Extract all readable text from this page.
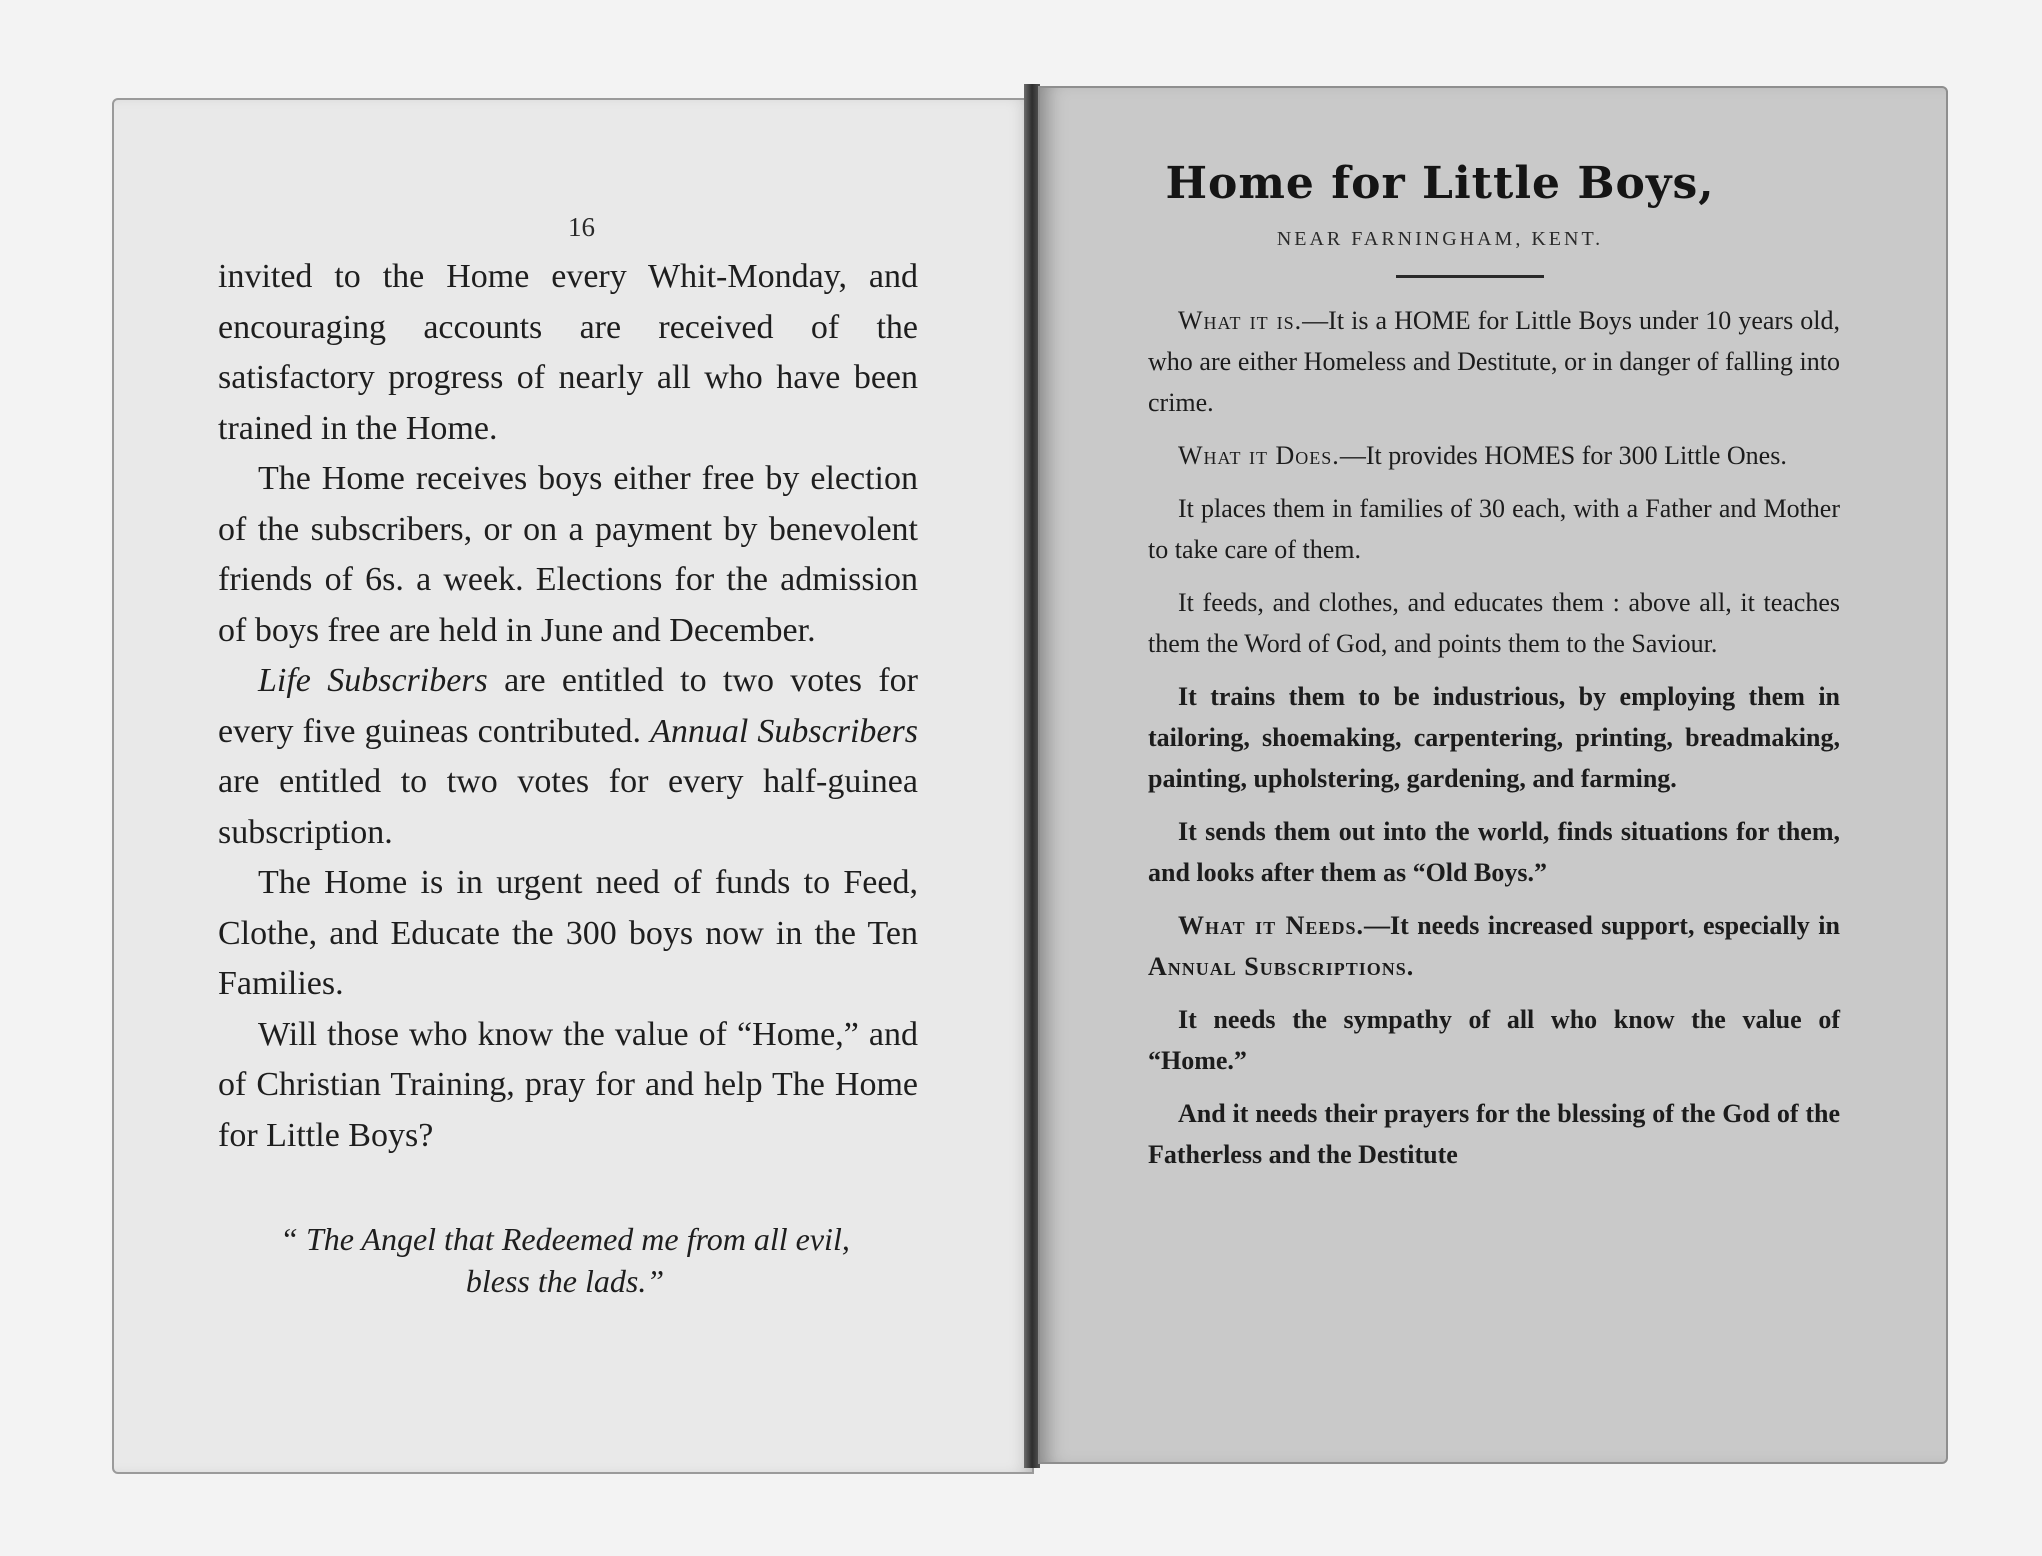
16

invited to the Home every Whit-Monday, and encouraging accounts are received of the satisfactory progress of nearly all who have been trained in the Home.

The Home receives boys either free by election of the subscribers, or on a payment by benevolent friends of 6s. a week. Elections for the admission of boys free are held in June and December.

Life Subscribers are entitled to two votes for every five guineas contributed. Annual Subscribers are entitled to two votes for every half-guinea subscription.

The Home is in urgent need of funds to Feed, Clothe, and Educate the 300 boys now in the Ten Families.

Will those who know the value of “Home,” and of Christian Training, pray for and help The Home for Little Boys?

“ The Angel that Redeemed me from all evil,
bless the lads.”
Home for Little Boys,
NEAR FARNINGHAM, KENT.

What it is.—It is a HOME for Little Boys under 10 years old, who are either Homeless and Destitute, or in danger of falling into crime.

What it Does.—It provides HOMES for 300 Little Ones.

It places them in families of 30 each, with a Father and Mother to take care of them.

It feeds, and clothes, and educates them : above all, it teaches them the Word of God, and points them to the Saviour.

It trains them to be industrious, by employing them in tailoring, shoemaking, carpentering, printing, breadmaking, painting, upholstering, gardening, and farming.

It sends them out into the world, finds situations for them, and looks after them as “Old Boys.”

What it Needs.—It needs increased support, especially in Annual Subscriptions.

It needs the sympathy of all who know the value of “Home.”

And it needs their prayers for the blessing of the God of the Fatherless and the Destitute
